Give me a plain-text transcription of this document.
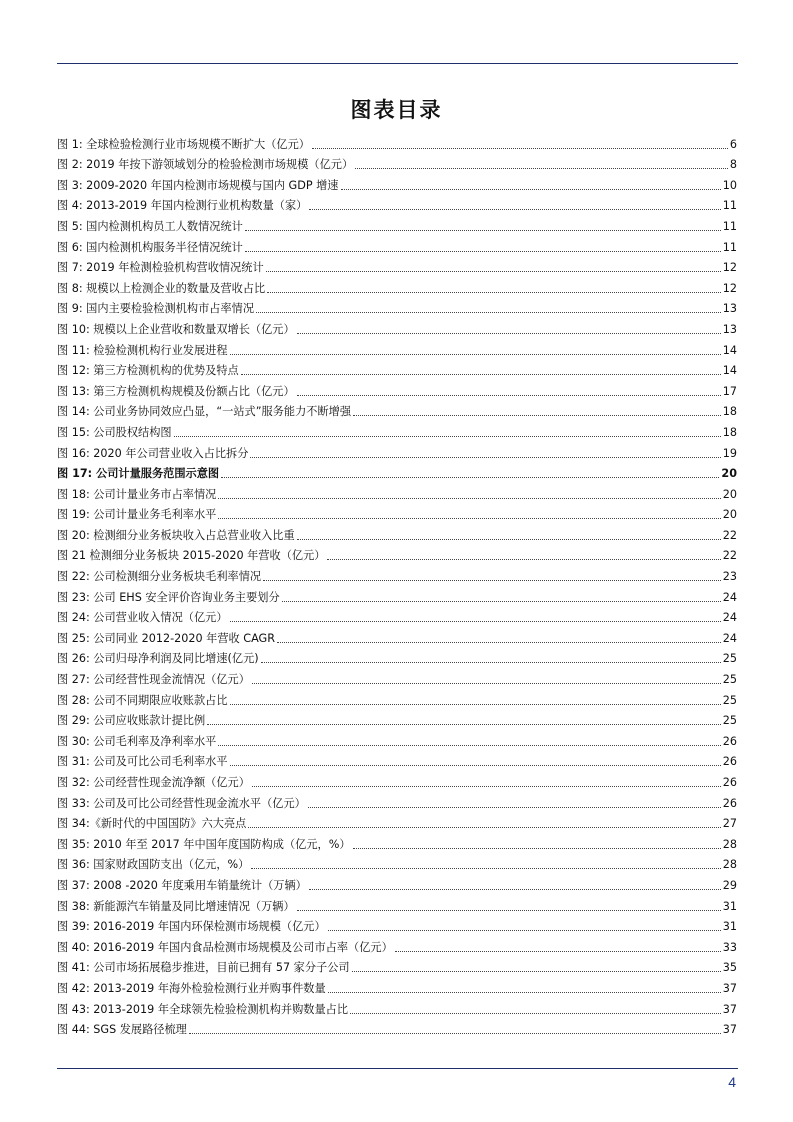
图表目录
图 1: 全球检验检测行业市场规模不断扩大（亿元）	6
图 2: 2019 年按下游领域划分的检验检测市场规模（亿元）	8
图 3: 2009-2020 年国内检测市场规模与国内 GDP 增速	10
图 4: 2013-2019 年国内检测行业机构数量（家）	11
图 5: 国内检测机构员工人数情况统计	11
图 6: 国内检测机构服务半径情况统计	11
图 7: 2019 年检测检验机构营收情况统计	12
图 8: 规模以上检测企业的数量及营收占比	12
图 9: 国内主要检验检测机构市占率情况	13
图 10: 规模以上企业营收和数量双增长（亿元）	13
图 11: 检验检测机构行业发展进程	14
图 12: 第三方检测机构的优势及特点	14
图 13: 第三方检测机构规模及份额占比（亿元）	17
图 14: 公司业务协同效应凸显，“一站式”服务能力不断增强	18
图 15: 公司股权结构图	18
图 16: 2020 年公司营业收入占比拆分	19
图 17: 公司计量服务范围示意图	20
图 18: 公司计量业务市占率情况	20
图 19: 公司计量业务毛利率水平	20
图 20: 检测细分业务板块收入占总营业收入比重	22
图 21 检测细分业务板块 2015-2020 年营收（亿元）	22
图 22: 公司检测细分业务板块毛利率情况	23
图 23: 公司 EHS 安全评价咨询业务主要划分	24
图 24: 公司营业收入情况（亿元）	24
图 25: 公司同业 2012-2020 年营收 CAGR	24
图 26: 公司归母净利润及同比增速(亿元)	25
图 27: 公司经营性现金流情况（亿元）	25
图 28: 公司不同期限应收账款占比	25
图 29: 公司应收账款计提比例	25
图 30: 公司毛利率及净利率水平	26
图 31: 公司及可比公司毛利率水平	26
图 32: 公司经营性现金流净额（亿元）	26
图 33: 公司及可比公司经营性现金流水平（亿元）	26
图 34:《新时代的中国国防》六大亮点	27
图 35: 2010 年至 2017 年中国年度国防构成（亿元，%）	28
图 36: 国家财政国防支出（亿元，%）	28
图 37: 2008 -2020 年度乘用车销量统计（万辆）	29
图 38: 新能源汽车销量及同比增速情况（万辆）	31
图 39: 2016-2019 年国内环保检测市场规模（亿元）	31
图 40: 2016-2019 年国内食品检测市场规模及公司市占率（亿元）	33
图 41: 公司市场拓展稳步推进，目前已拥有 57 家分子公司	35
图 42: 2013-2019 年海外检验检测行业并购事件数量	37
图 43: 2013-2019 年全球领先检验检测机构并购数量占比	37
图 44: SGS 发展路径梳理	37
4
